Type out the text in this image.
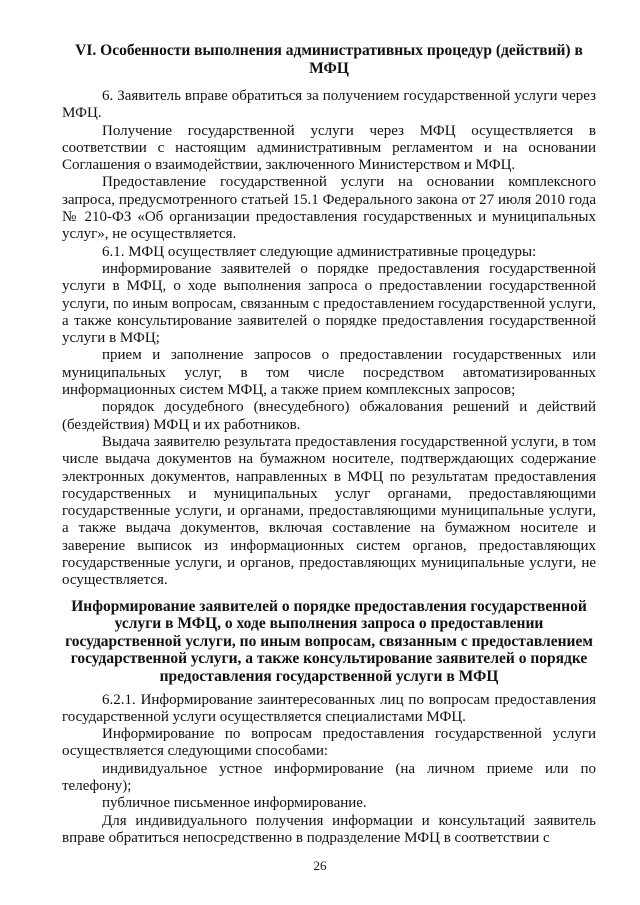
VI. Особенности выполнения административных процедур (действий) в МФЦ

6. Заявитель вправе обратиться за получением государственной услуги через МФЦ.

Получение государственной услуги через МФЦ осуществляется в соответствии с настоящим административным регламентом и на основании Соглашения о взаимодействии, заключенного Министерством и МФЦ.

Предоставление государственной услуги на основании комплексного запроса, предусмотренного статьей 15.1 Федерального закона от 27 июля 2010 года № 210-ФЗ «Об организации предоставления государственных и муниципальных услуг», не осуществляется.

6.1. МФЦ осуществляет следующие административные процедуры:

информирование заявителей о порядке предоставления государственной услуги в МФЦ, о ходе выполнения запроса о предоставлении государственной услуги, по иным вопросам, связанным с предоставлением государственной услуги, а также консультирование заявителей о порядке предоставления государственной услуги в МФЦ;

прием и заполнение запросов о предоставлении государственных или муниципальных услуг, в том числе посредством автоматизированных информационных систем МФЦ, а также прием комплексных запросов;

порядок досудебного (внесудебного) обжалования решений и действий (бездействия) МФЦ и их работников.

Выдача заявителю результата предоставления государственной услуги, в том числе выдача документов на бумажном носителе, подтверждающих содержание электронных документов, направленных в МФЦ по результатам предоставления государственных и муниципальных услуг органами, предоставляющими государственные услуги, и органами, предоставляющими муниципальные услуги, а также выдача документов, включая составление на бумажном носителе и заверение выписок из информационных систем органов, предоставляющих государственные услуги, и органов, предоставляющих муниципальные услуги, не осуществляется.

Информирование заявителей о порядке предоставления государственной услуги в МФЦ, о ходе выполнения запроса о предоставлении государственной услуги, по иным вопросам, связанным с предоставлением государственной услуги, а также консультирование заявителей о порядке предоставления государственной услуги в МФЦ

6.2.1. Информирование заинтересованных лиц по вопросам предоставления государственной услуги осуществляется специалистами МФЦ.

Информирование по вопросам предоставления государственной услуги осуществляется следующими способами:

индивидуальное устное информирование (на личном приеме или по телефону);

публичное письменное информирование.

Для индивидуального получения информации и консультаций заявитель вправе обратиться непосредственно в подразделение МФЦ в соответствии с

26
